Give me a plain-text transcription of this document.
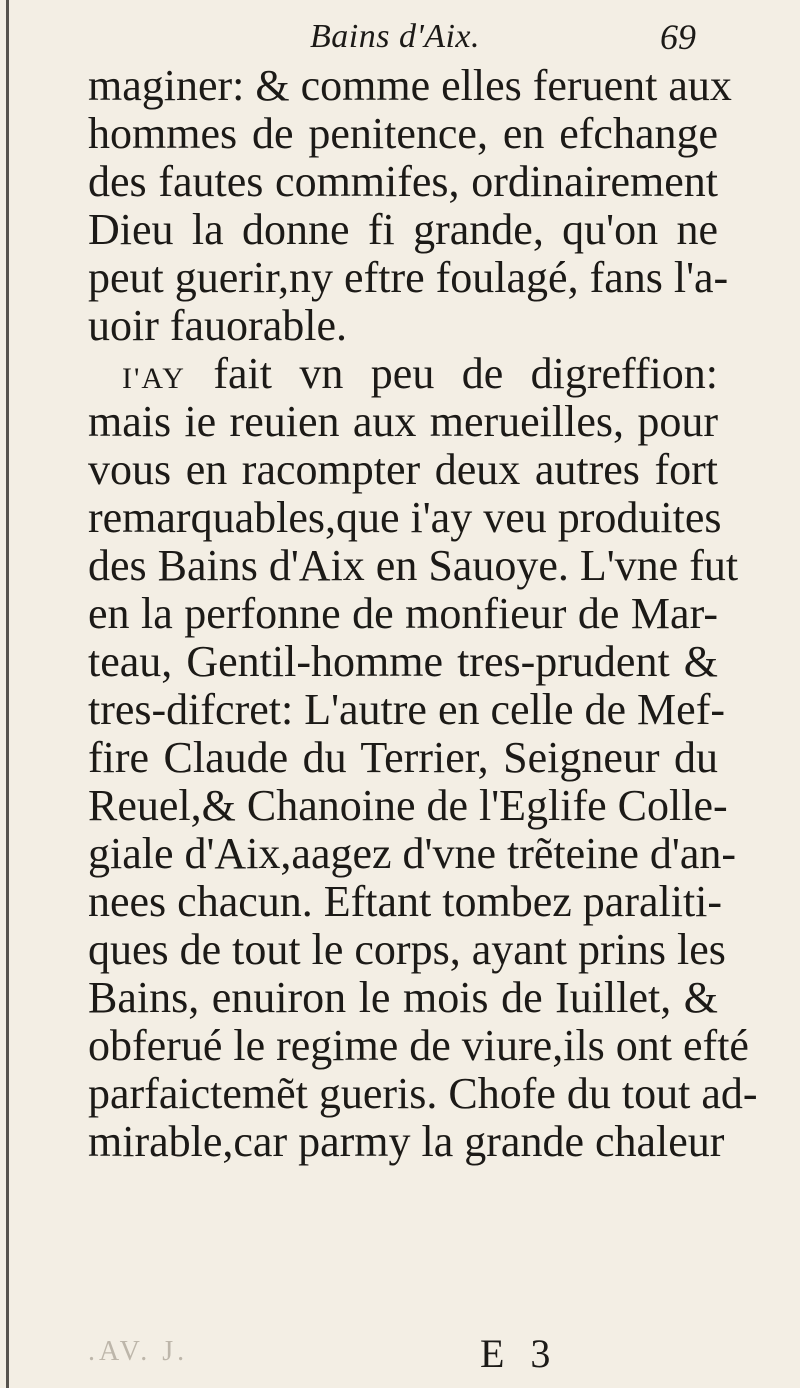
Bains d'Aix.	69
maginer: & comme elles feruent aux
hommes de penitence, en efchange
des fautes commifes, ordinairement
Dieu la donne fi grande, qu'on ne
peut guerir,ny eftre foulagé, fans l'a-
uoir fauorable.
I'AY fait vn peu de digreffion:
mais ie reuien aux merueilles, pour
vous en racompter deux autres fort
remarquables,que i'ay veu produites
des Bains d'Aix en Sauoye. L'vne fut
en la perfonne de monfieur de Mar-
teau, Gentil-homme tres-prudent &
tres-difcret: L'autre en celle de Mef-
fire Claude du Terrier, Seigneur du
Reuel,& Chanoine de l'Eglife Colle-
giale d'Aix,aagez d'vne trẽteine d'an-
nees chacun. Eftant tombez paraliti-
ques de tout le corps, ayant prins les
Bains, enuiron le mois de Iuillet, &
obferué le regime de viure,ils ont efté
parfaictemẽt gueris. Chofe du tout ad-
mirable,car parmy la grande chaleur
.AV. J.	E 3
